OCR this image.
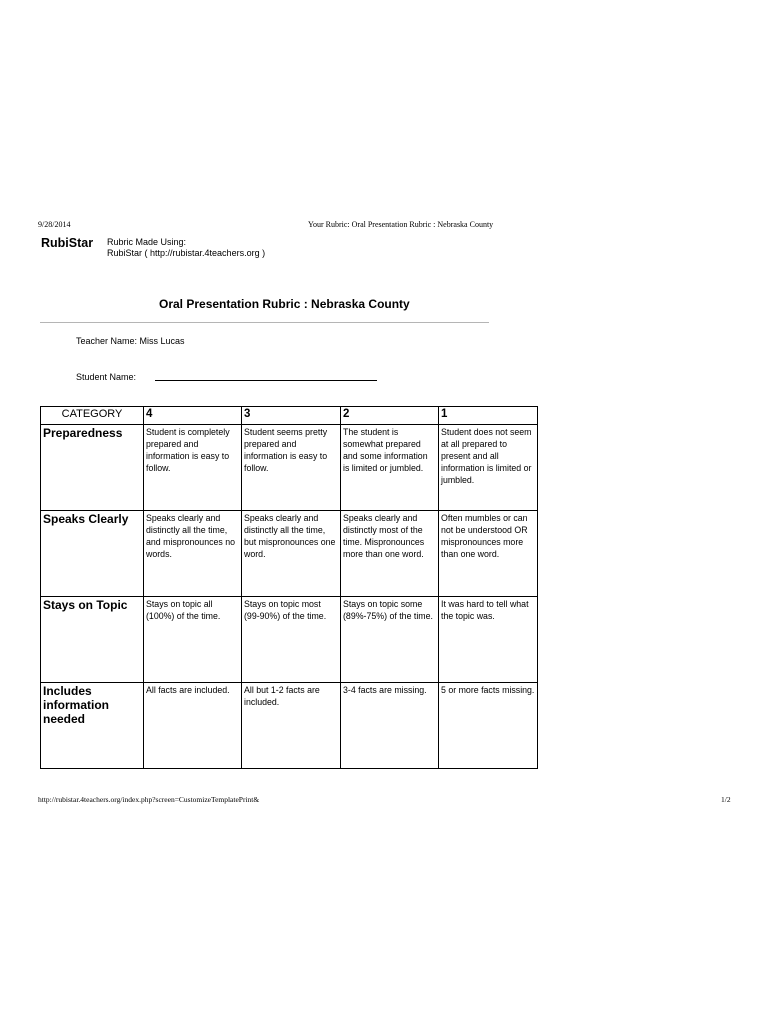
9/28/2014	Your Rubric: Oral Presentation Rubric : Nebraska County
RubiStar Rubric Made Using:
RubiStar ( http://rubistar.4teachers.org )
Oral Presentation Rubric : Nebraska County
Teacher Name: Miss Lucas
Student Name:
CATEGORY	4	3	2	1
Preparedness	Student is completely prepared and information is easy to follow.	Student seems pretty prepared and information is easy to follow.	The student is somewhat prepared and some information is limited or jumbled.	Student does not seem at all prepared to present and all information is limited or jumbled.
Speaks Clearly	Speaks clearly and distinctly all the time, and mispronounces no words.	Speaks clearly and distinctly all the time, but mispronounces one word.	Speaks clearly and distinctly most of the time. Mispronounces more than one word.	Often mumbles or can not be understood OR mispronounces more than one word.
Stays on Topic	Stays on topic all (100%) of the time.	Stays on topic most (99-90%) of the time.	Stays on topic some (89%-75%) of the time.	It was hard to tell what the topic was.
Includes information needed	All facts are included.	All but 1-2 facts are included.	3-4 facts are missing.	5 or more facts missing.
http://rubistar.4teachers.org/index.php?screen=CustomizeTemplatePrint&	1/2
